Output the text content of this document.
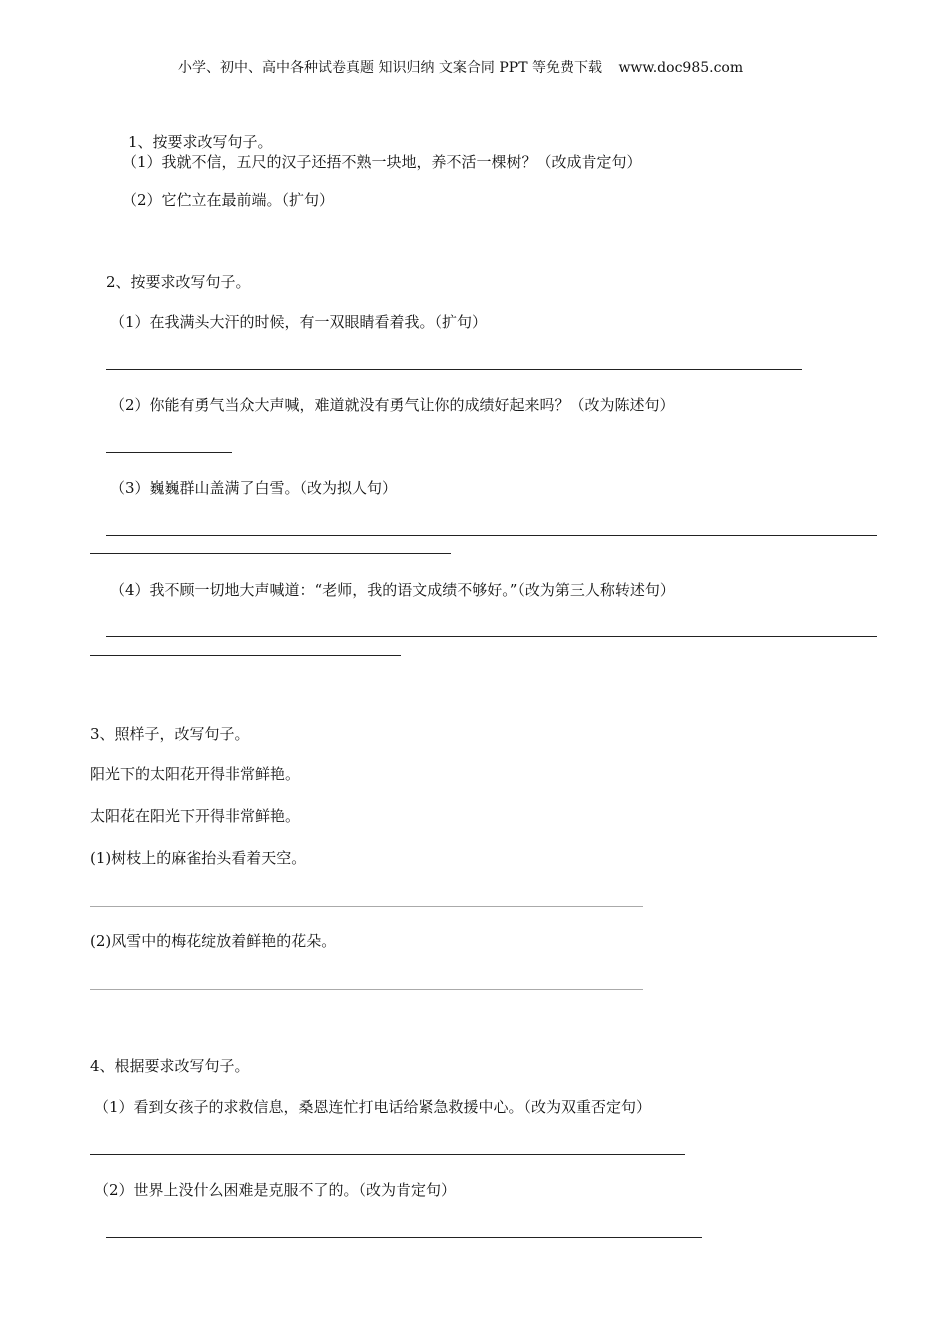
小学、初中、高中各种试卷真题 知识归纳 文案合同 PPT 等免费下载 www.doc985.com
1、按要求改写句子。
（1）我就不信，五尺的汉子还捂不熟一块地，养不活一棵树？（改成肯定句）
（2）它伫立在最前端。（扩句）
2、按要求改写句子。
（1）在我满头大汗的时候，有一双眼睛看着我。（扩句）
（2）你能有勇气当众大声喊，难道就没有勇气让你的成绩好起来吗？（改为陈述句）
（3）巍巍群山盖满了白雪。（改为拟人句）
（4）我不顾一切地大声喊道：“老师，我的语文成绩不够好。”（改为第三人称转述句）
3、照样子，改写句子。
阳光下的太阳花开得非常鲜艳。
太阳花在阳光下开得非常鲜艳。
(1)树枝上的麻雀抬头看着天空。
(2)风雪中的梅花绽放着鲜艳的花朵。
4、根据要求改写句子。
（1）看到女孩子的求救信息，桑恩连忙打电话给紧急救援中心。（改为双重否定句）
（2）世界上没什么困难是克服不了的。（改为肯定句）
